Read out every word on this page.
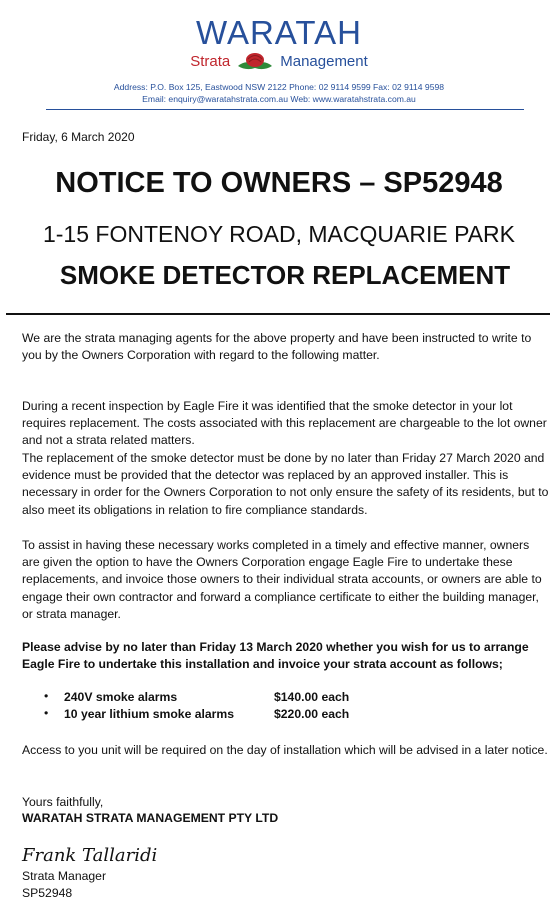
WARATAH
Strata	Management
Address: P.O. Box 125, Eastwood NSW 2122 Phone: 02 9114 9599 Fax: 02 9114 9598
Email: enquiry@waratahstrata.com.au Web: www.waratahstrata.com.au
Friday, 6 March 2020
NOTICE TO OWNERS – SP52948
1-15 FONTENOY ROAD, MACQUARIE PARK
SMOKE DETECTOR REPLACEMENT
We are the strata managing agents for the above property and have been instructed to write to you by the Owners Corporation with regard to the following matter.
During a recent inspection by Eagle Fire it was identified that the smoke detector in your lot requires replacement. The costs associated with this replacement are chargeable to the lot owner and not a strata related matters.
The replacement of the smoke detector must be done by no later than Friday 27 March 2020 and evidence must be provided that the detector was replaced by an approved installer. This is necessary in order for the Owners Corporation to not only ensure the safety of its residents, but to also meet its obligations in relation to fire compliance standards.
To assist in having these necessary works completed in a timely and effective manner, owners are given the option to have the Owners Corporation engage Eagle Fire to undertake these replacements, and invoice those owners to their individual strata accounts, or owners are able to engage their own contractor and forward a compliance certificate to either the building manager, or strata manager.
Please advise by no later than Friday 13 March 2020 whether you wish for us to arrange Eagle Fire to undertake this installation and invoice your strata account as follows;
• 240V smoke alarms	$140.00 each
• 10 year lithium smoke alarms	$220.00 each
Access to you unit will be required on the day of installation which will be advised in a later notice.
Yours faithfully,
WARATAH STRATA MANAGEMENT PTY LTD
Frank Tallaridi
Strata Manager
SP52948
